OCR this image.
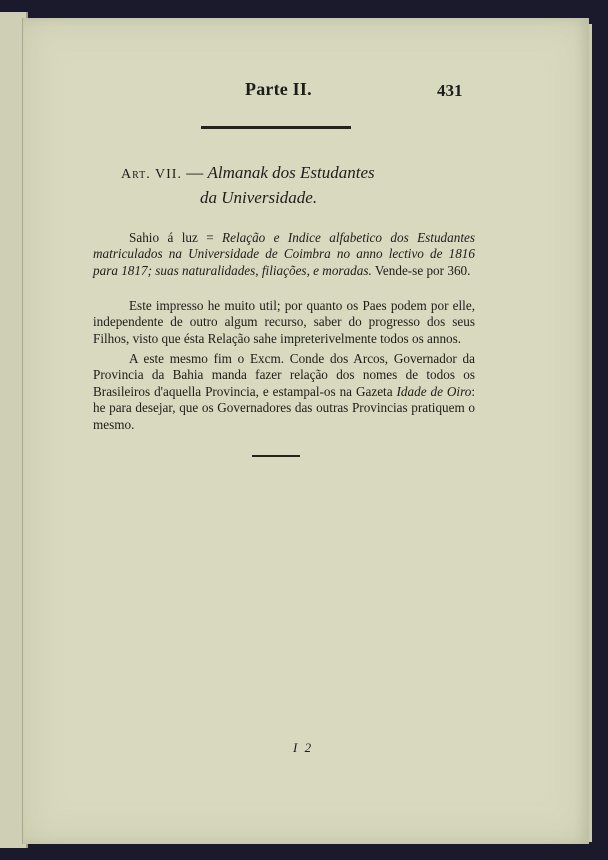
Parte II.	431
Art. VII. — Almanak dos Estudantes
da Universidade.

Sahio á luz = Relação e Indice alfabetico dos Estudantes matriculados na Universidade de Coimbra no anno lectivo de 1816 para 1817; suas naturalidades, filiações, e moradas. Vende-se por 360.

Este impresso he muito util; por quanto os Paes podem por elle, independente de outro algum recurso, saber do progresso dos seus Filhos, visto que ésta Relação sahe impreterivelmente todos os annos.

A este mesmo fim o Excm. Conde dos Arcos, Governador da Provincia da Bahia manda fazer relação dos nomes de todos os Brasileiros d'aquella Provincia, e estampal-os na Gazeta Idade de Oiro: he para desejar, que os Governadores das outras Provincias pratiquem o mesmo.

I 2
